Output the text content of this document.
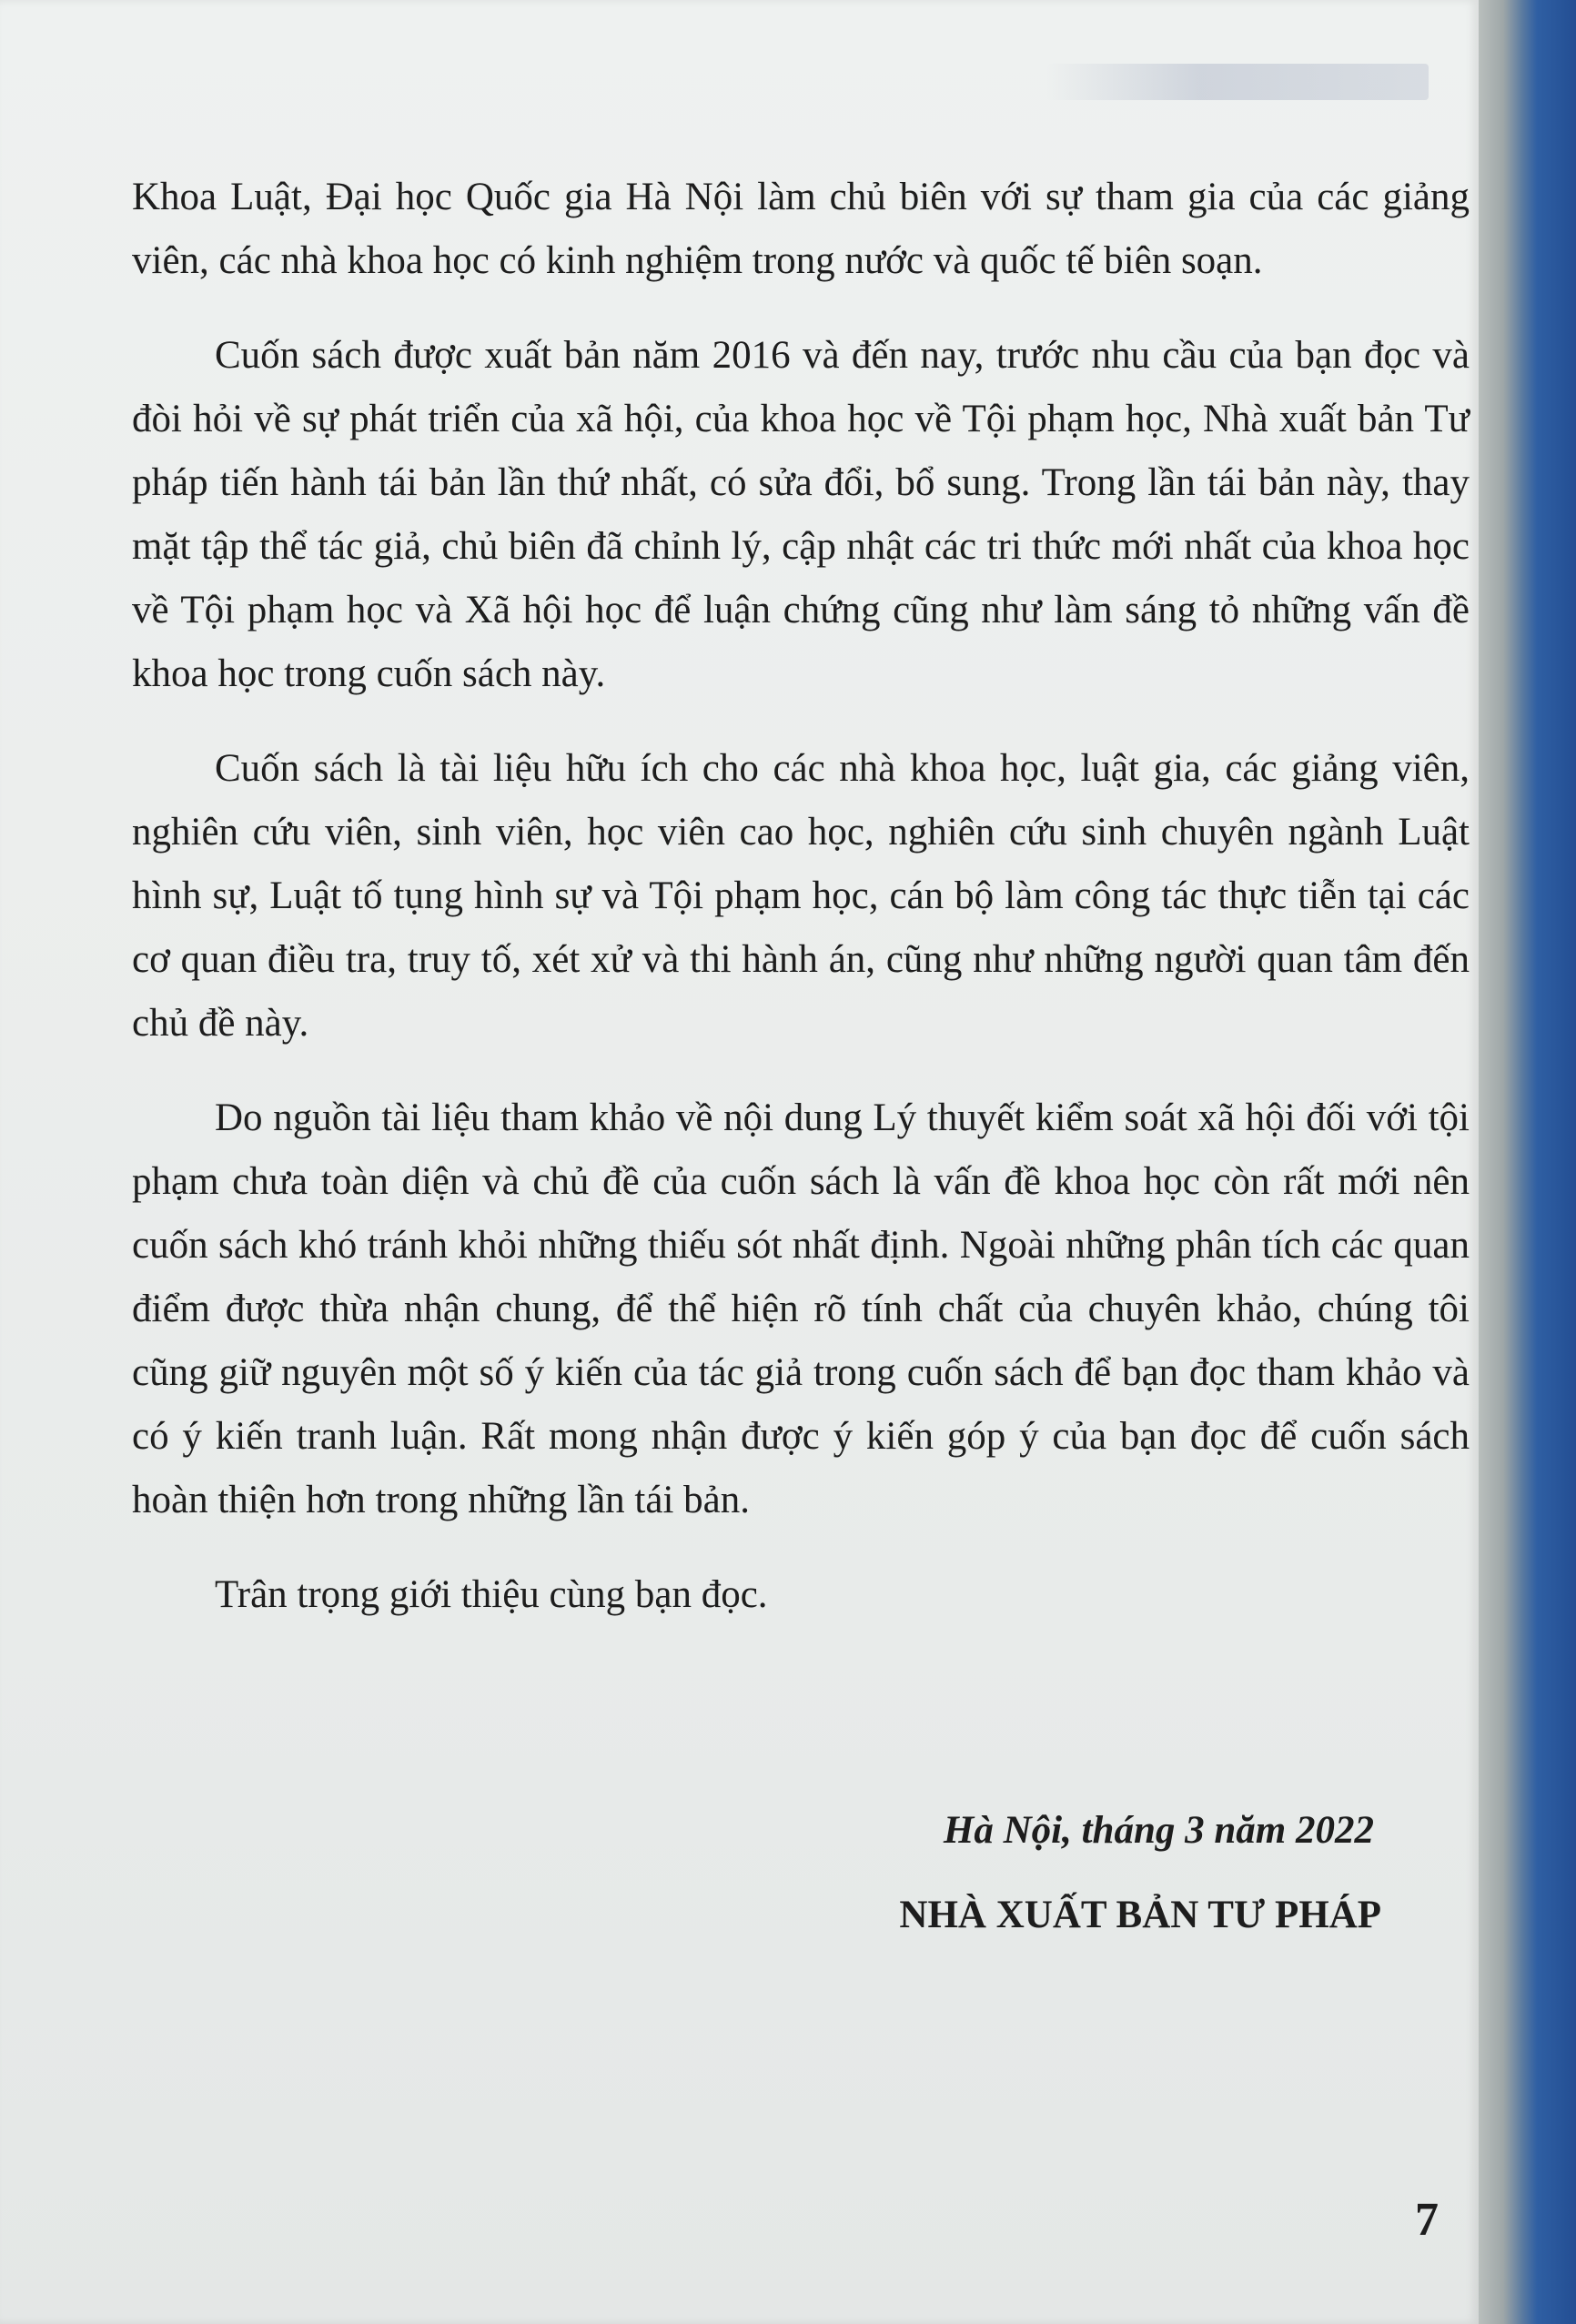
Khoa Luật, Đại học Quốc gia Hà Nội làm chủ biên với sự tham gia của các giảng viên, các nhà khoa học có kinh nghiệm trong nước và quốc tế biên soạn.

Cuốn sách được xuất bản năm 2016 và đến nay, trước nhu cầu của bạn đọc và đòi hỏi về sự phát triển của xã hội, của khoa học về Tội phạm học, Nhà xuất bản Tư pháp tiến hành tái bản lần thứ nhất, có sửa đổi, bổ sung. Trong lần tái bản này, thay mặt tập thể tác giả, chủ biên đã chỉnh lý, cập nhật các tri thức mới nhất của khoa học về Tội phạm học và Xã hội học để luận chứng cũng như làm sáng tỏ những vấn đề khoa học trong cuốn sách này.

Cuốn sách là tài liệu hữu ích cho các nhà khoa học, luật gia, các giảng viên, nghiên cứu viên, sinh viên, học viên cao học, nghiên cứu sinh chuyên ngành Luật hình sự, Luật tố tụng hình sự và Tội phạm học, cán bộ làm công tác thực tiễn tại các cơ quan điều tra, truy tố, xét xử và thi hành án, cũng như những người quan tâm đến chủ đề này.

Do nguồn tài liệu tham khảo về nội dung Lý thuyết kiểm soát xã hội đối với tội phạm chưa toàn diện và chủ đề của cuốn sách là vấn đề khoa học còn rất mới nên cuốn sách khó tránh khỏi những thiếu sót nhất định. Ngoài những phân tích các quan điểm được thừa nhận chung, để thể hiện rõ tính chất của chuyên khảo, chúng tôi cũng giữ nguyên một số ý kiến của tác giả trong cuốn sách để bạn đọc tham khảo và có ý kiến tranh luận. Rất mong nhận được ý kiến góp ý của bạn đọc để cuốn sách hoàn thiện hơn trong những lần tái bản.

Trân trọng giới thiệu cùng bạn đọc.

Hà Nội, tháng 3 năm 2022
NHÀ XUẤT BẢN TƯ PHÁP
7
